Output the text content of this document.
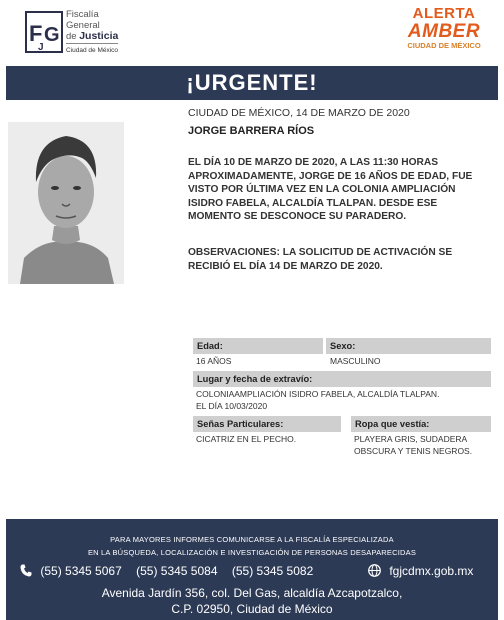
F G
J
Fiscalía
General
de Justicia
Ciudad de México
ALERTA
AMBER
CIUDAD DE MÉXICO
¡URGENTE!
CIUDAD DE MÉXICO, 14 DE MARZO DE 2020
JORGE BARRERA RÍOS
EL DÍA 10 DE MARZO DE 2020, A LAS 11:30 HORAS APROXIMADAMENTE, JORGE DE 16 AÑOS DE EDAD, FUE VISTO POR ÚLTIMA VEZ EN LA COLONIA AMPLIACIÓN ISIDRO FABELA, ALCALDÍA TLALPAN. DESDE ESE MOMENTO SE DESCONOCE SU PARADERO.
OBSERVACIONES: LA SOLICITUD DE ACTIVACIÓN SE RECIBIÓ EL DÍA 14 DE MARZO DE 2020.
Edad:	Sexo:
16 AÑOS	MASCULINO
Lugar y fecha de extravío:
COLONIAAMPLIACIÓN ISIDRO FABELA, ALCALDÍA TLALPAN.
EL DÍA 10/03/2020
Señas Particulares:	Ropa que vestía:
CICATRIZ EN EL PECHO.	PLAYERA GRIS, SUDADERA
OBSCURA Y TENIS NEGROS.
PARA MAYORES INFORMES COMUNICARSE A LA FISCALÍA ESPECIALIZADA
EN LA BÚSQUEDA, LOCALIZACIÓN E INVESTIGACIÓN DE PERSONAS DESAPARECIDAS
(55) 5345 5067 (55) 5345 5084 (55) 5345 5082	fgjcdmx.gob.mx
Avenida Jardín 356, col. Del Gas, alcaldía Azcapotzalco,
C.P. 02950, Ciudad de México
